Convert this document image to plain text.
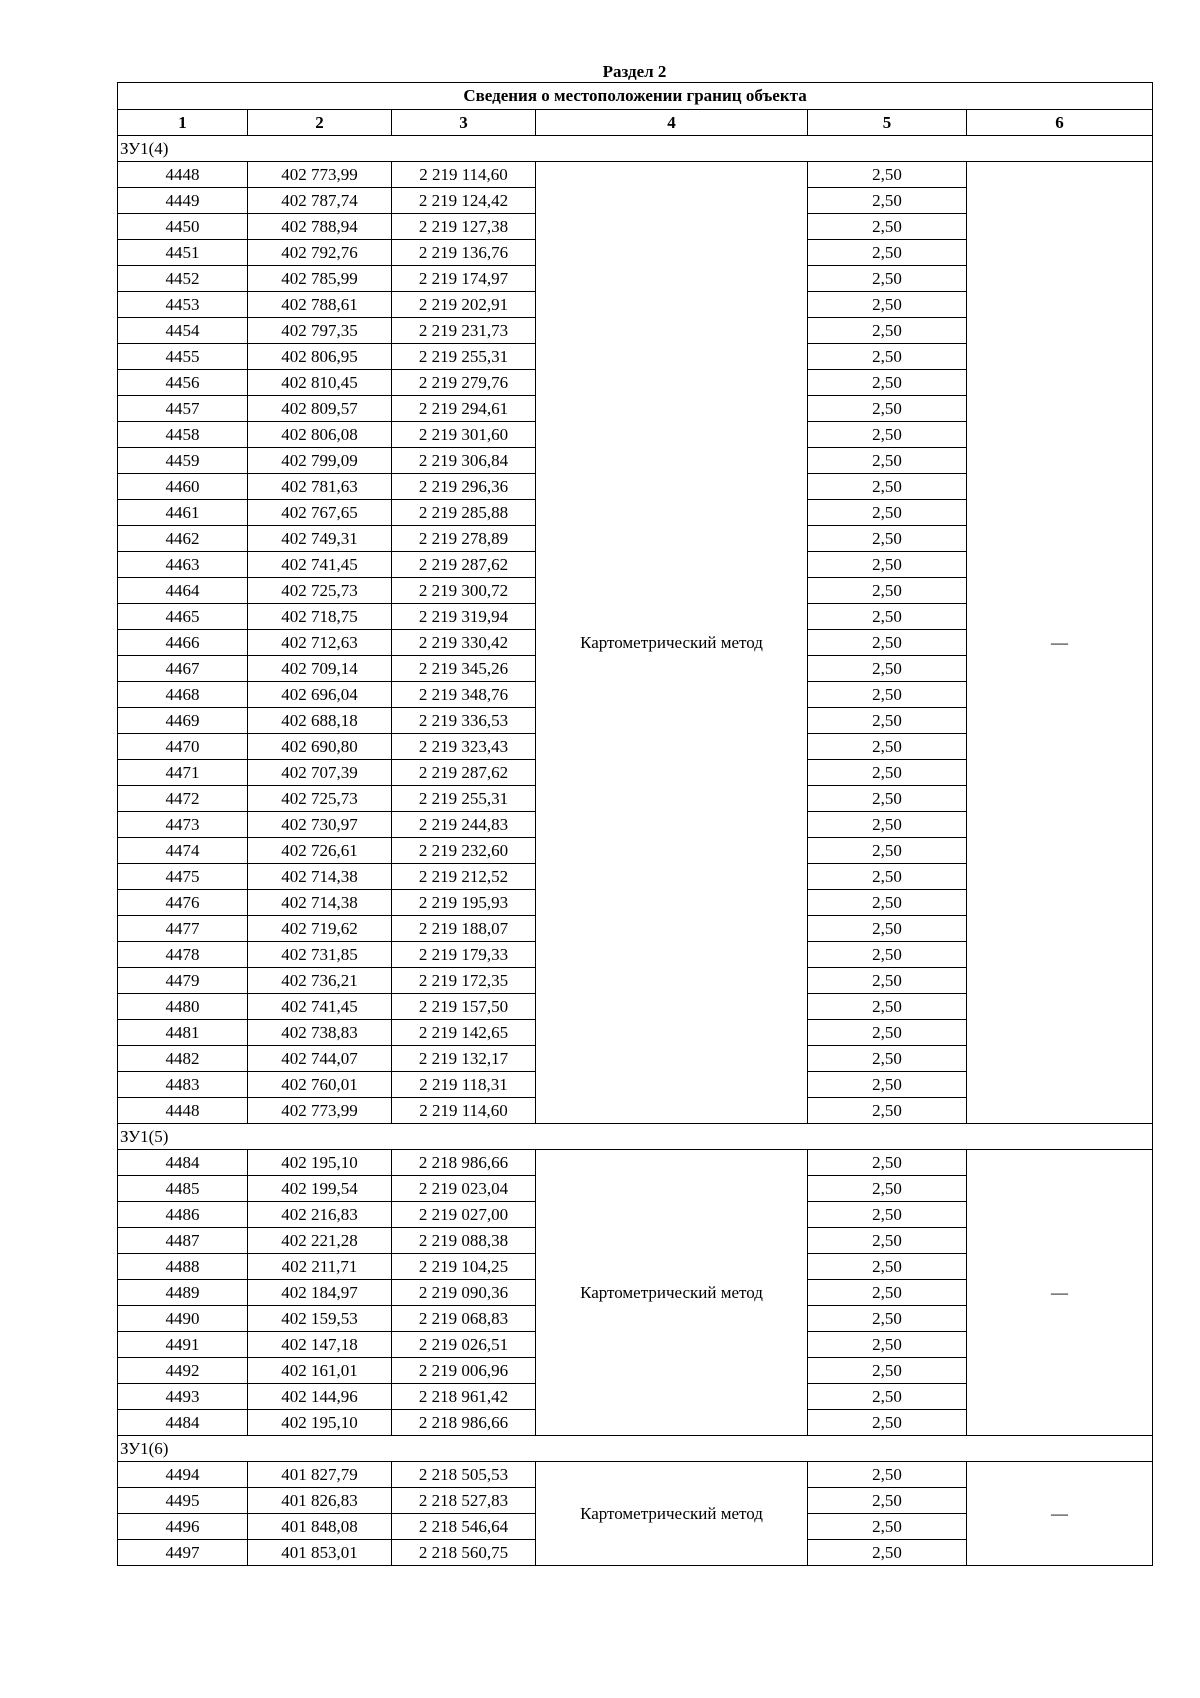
Раздел 2
Сведения о местоположении границ объекта					
1	2	3	4	5	6
ЗУ1(4)					
4448	402 773,99	2 219 114,60	Картометрический метод	2,50	—
4449	402 787,74	2 219 124,42		2,50	
4450	402 788,94	2 219 127,38		2,50	
4451	402 792,76	2 219 136,76		2,50	
4452	402 785,99	2 219 174,97		2,50	
4453	402 788,61	2 219 202,91		2,50	
4454	402 797,35	2 219 231,73		2,50	
4455	402 806,95	2 219 255,31		2,50	
4456	402 810,45	2 219 279,76		2,50	
4457	402 809,57	2 219 294,61		2,50	
4458	402 806,08	2 219 301,60		2,50	
4459	402 799,09	2 219 306,84		2,50	
4460	402 781,63	2 219 296,36		2,50	
4461	402 767,65	2 219 285,88		2,50	
4462	402 749,31	2 219 278,89		2,50	
4463	402 741,45	2 219 287,62		2,50	
4464	402 725,73	2 219 300,72		2,50	
4465	402 718,75	2 219 319,94		2,50	
4466	402 712,63	2 219 330,42		2,50	
4467	402 709,14	2 219 345,26		2,50	
4468	402 696,04	2 219 348,76		2,50	
4469	402 688,18	2 219 336,53		2,50	
4470	402 690,80	2 219 323,43		2,50	
4471	402 707,39	2 219 287,62		2,50	
4472	402 725,73	2 219 255,31		2,50	
4473	402 730,97	2 219 244,83		2,50	
4474	402 726,61	2 219 232,60		2,50	
4475	402 714,38	2 219 212,52		2,50	
4476	402 714,38	2 219 195,93		2,50	
4477	402 719,62	2 219 188,07		2,50	
4478	402 731,85	2 219 179,33		2,50	
4479	402 736,21	2 219 172,35		2,50	
4480	402 741,45	2 219 157,50		2,50	
4481	402 738,83	2 219 142,65		2,50	
4482	402 744,07	2 219 132,17		2,50	
4483	402 760,01	2 219 118,31		2,50	
4448	402 773,99	2 219 114,60		2,50	
ЗУ1(5)					
4484	402 195,10	2 218 986,66	Картометрический метод	2,50	—
4485	402 199,54	2 219 023,04		2,50	
4486	402 216,83	2 219 027,00		2,50	
4487	402 221,28	2 219 088,38		2,50	
4488	402 211,71	2 219 104,25		2,50	
4489	402 184,97	2 219 090,36		2,50	
4490	402 159,53	2 219 068,83		2,50	
4491	402 147,18	2 219 026,51		2,50	
4492	402 161,01	2 219 006,96		2,50	
4493	402 144,96	2 218 961,42		2,50	
4484	402 195,10	2 218 986,66		2,50	
ЗУ1(6)					
4494	401 827,79	2 218 505,53	Картометрический метод	2,50	—
4495	401 826,83	2 218 527,83		2,50	
4496	401 848,08	2 218 546,64		2,50	
4497	401 853,01	2 218 560,75		2,50	
